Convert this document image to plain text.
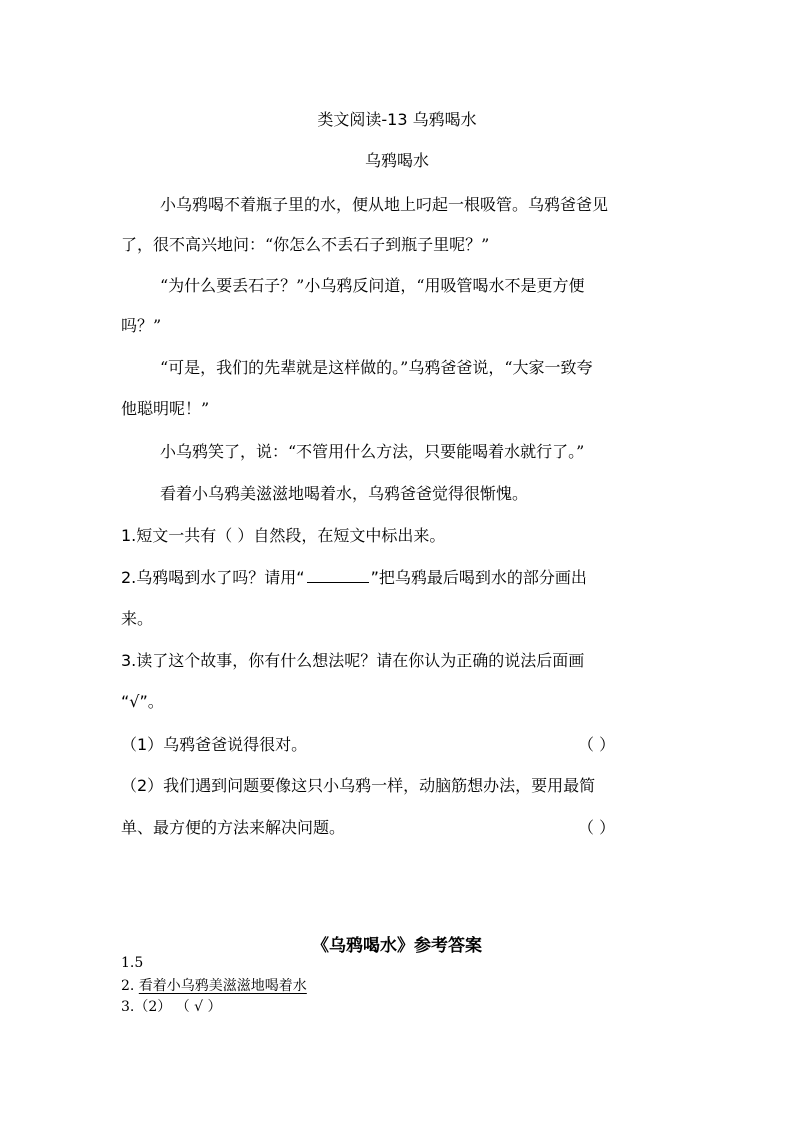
类文阅读-13 乌鸦喝水
乌鸦喝水
小乌鸦喝不着瓶子里的水，便从地上叼起一根吸管。乌鸦爸爸见
了，很不高兴地问：“你怎么不丢石子到瓶子里呢？”
“为什么要丢石子？”小乌鸦反问道，“用吸管喝水不是更方便
吗？”
“可是，我们的先辈就是这样做的。”乌鸦爸爸说，“大家一致夸
他聪明呢！”
小乌鸦笑了，说：“不管用什么方法，只要能喝着水就行了。”
看着小乌鸦美滋滋地喝着水，乌鸦爸爸觉得很惭愧。
1.短文一共有（ ）自然段，在短文中标出来。
2.乌鸦喝到水了吗？请用“	”把乌鸦最后喝到水的部分画出
来。
3.读了这个故事，你有什么想法呢？请在你认为正确的说法后面画
“√”。
（1）乌鸦爸爸说得很对。	（ ）
（2）我们遇到问题要像这只小乌鸦一样，动脑筋想办法，要用最简
单、最方便的方法来解决问题。	（ ）
《乌鸦喝水》参考答案
1.5
2. 看着小乌鸦美滋滋地喝着水
3.（2） （ √ ）
